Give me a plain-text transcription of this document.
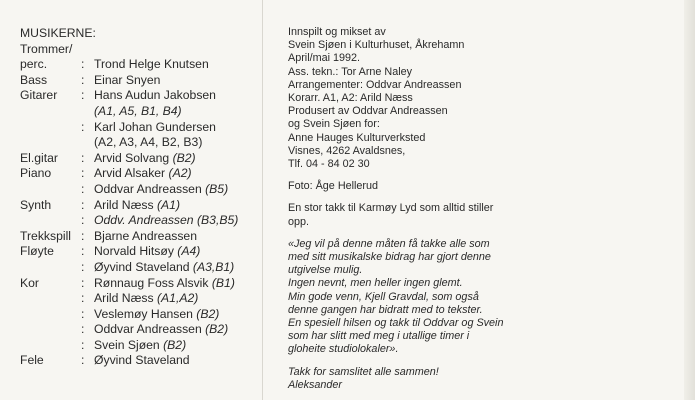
MUSIKERNE:
Trommer/
perc.	: Trond Helge Knutsen
Bass	: Einar Snyen
Gitarer	: Hans Audun Jakobsen
(A1, A5, B1, B4)
: Karl Johan Gundersen
(A2, A3, A4, B2, B3)
El.gitar	: Arvid Solvang (B2)
Piano	: Arvid Alsaker (A2)
: Oddvar Andreassen (B5)
Synth	: Arild Næss (A1)
: Oddv. Andreassen (B3,B5)
Trekkspill : Bjarne Andreassen
Fløyte	: Norvald Hitsøy (A4)
: Øyvind Staveland (A3,B1)
Kor	: Rønnaug Foss Alsvik (B1)
: Arild Næss (A1,A2)
: Veslemøy Hansen (B2)
: Oddvar Andreassen (B2)
: Svein Sjøen (B2)
Fele	: Øyvind Staveland
Innspilt og mikset av
Svein Sjøen i Kulturhuset, Åkrehamn
April/mai 1992.
Ass. tekn.: Tor Arne Naley
Arrangementer: Oddvar Andreassen
Korarr. A1, A2: Arild Næss
Produsert av Oddvar Andreassen
og Svein Sjøen for:
Anne Hauges Kulturverksted
Visnes, 4262 Avaldsnes,
Tlf. 04 - 84 02 30
Foto: Åge Hellerud
En stor takk til Karmøy Lyd som alltid stiller
opp.
«Jeg vil på denne måten få takke alle som
med sitt musikalske bidrag har gjort denne
utgivelse mulig.
Ingen nevnt, men heller ingen glemt.
Min gode venn, Kjell Gravdal, som også
denne gangen har bidratt med to tekster.
En spesiell hilsen og takk til Oddvar og Svein
som har slitt med meg i utallige timer i
gloheite studiolokaler».
Takk for samslitet alle sammen!
Aleksander
